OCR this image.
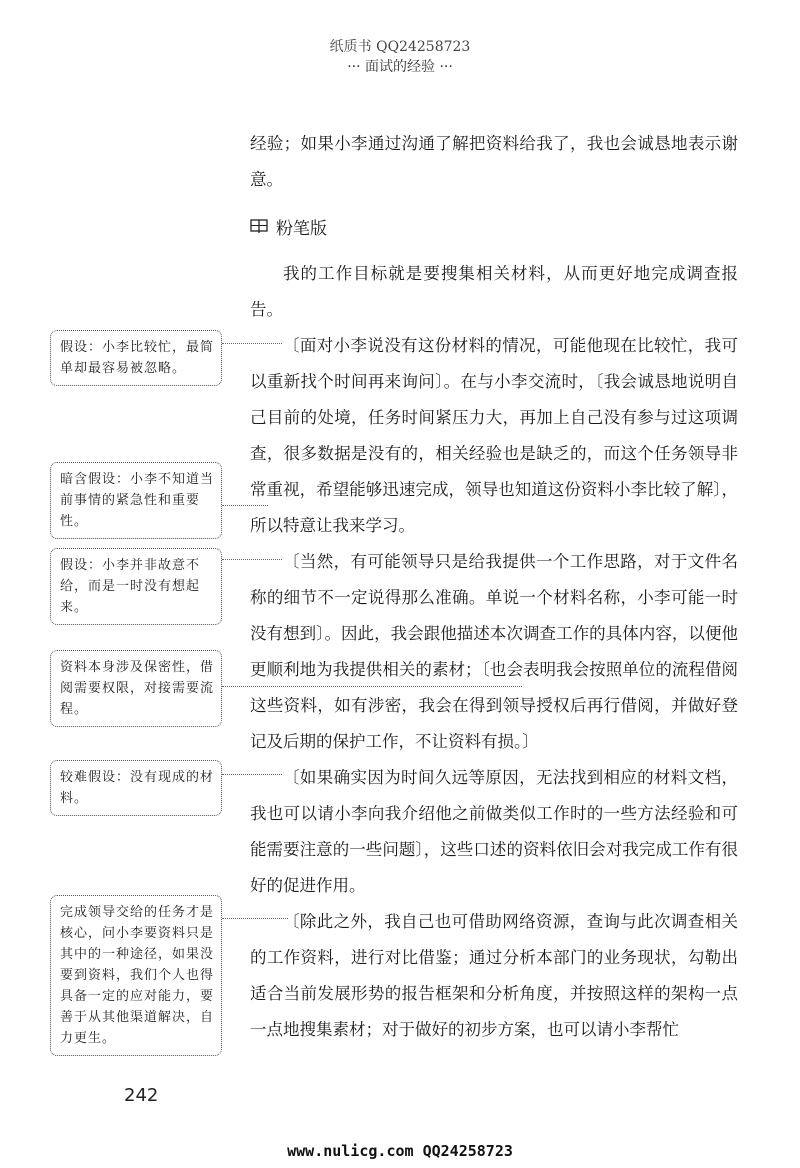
纸质书 QQ24258723
··· 面试的经验 ···

经验；如果小李通过沟通了解把资料给我了，我也会诚恳地表示谢意。

粉笔版

我的工作目标就是要搜集相关材料，从而更好地完成调查报告。

〔面对小李说没有这份材料的情况，可能他现在比较忙，我可以重新找个时间再来询问〕。在与小李交流时，〔我会诚恳地说明自己目前的处境，任务时间紧压力大，再加上自己没有参与过这项调查，很多数据是没有的，相关经验也是缺乏的，而这个任务领导非常重视，希望能够迅速完成，领导也知道这份资料小李比较了解〕，所以特意让我来学习。

〔当然，有可能领导只是给我提供一个工作思路，对于文件名称的细节不一定说得那么准确。单说一个材料名称，小李可能一时没有想到〕。因此，我会跟他描述本次调查工作的具体内容，以便他更顺利地为我提供相关的素材；〔也会表明我会按照单位的流程借阅这些资料，如有涉密，我会在得到领导授权后再行借阅，并做好登记及后期的保护工作，不让资料有损。〕

〔如果确实因为时间久远等原因，无法找到相应的材料文档，我也可以请小李向我介绍他之前做类似工作时的一些方法经验和可能需要注意的一些问题〕，这些口述的资料依旧会对我完成工作有很好的促进作用。

〔除此之外，我自己也可借助网络资源，查询与此次调查相关的工作资料，进行对比借鉴；通过分析本部门的业务现状，勾勒出适合当前发展形势的报告框架和分析角度，并按照这样的架构一点一点地搜集素材；对于做好的初步方案，也可以请小李帮忙

假设：小李比较忙，最简单却最容易被忽略。
暗含假设：小李不知道当前事情的紧急性和重要性。
假设：小李并非故意不给，而是一时没有想起来。
资料本身涉及保密性，借阅需要权限，对接需要流程。
较难假设：没有现成的材料。
完成领导交给的任务才是核心，问小李要资料只是其中的一种途径，如果没要到资料，我们个人也得具备一定的应对能力，要善于从其他渠道解决，自力更生。
242
www.nulicg.com QQ24258723
